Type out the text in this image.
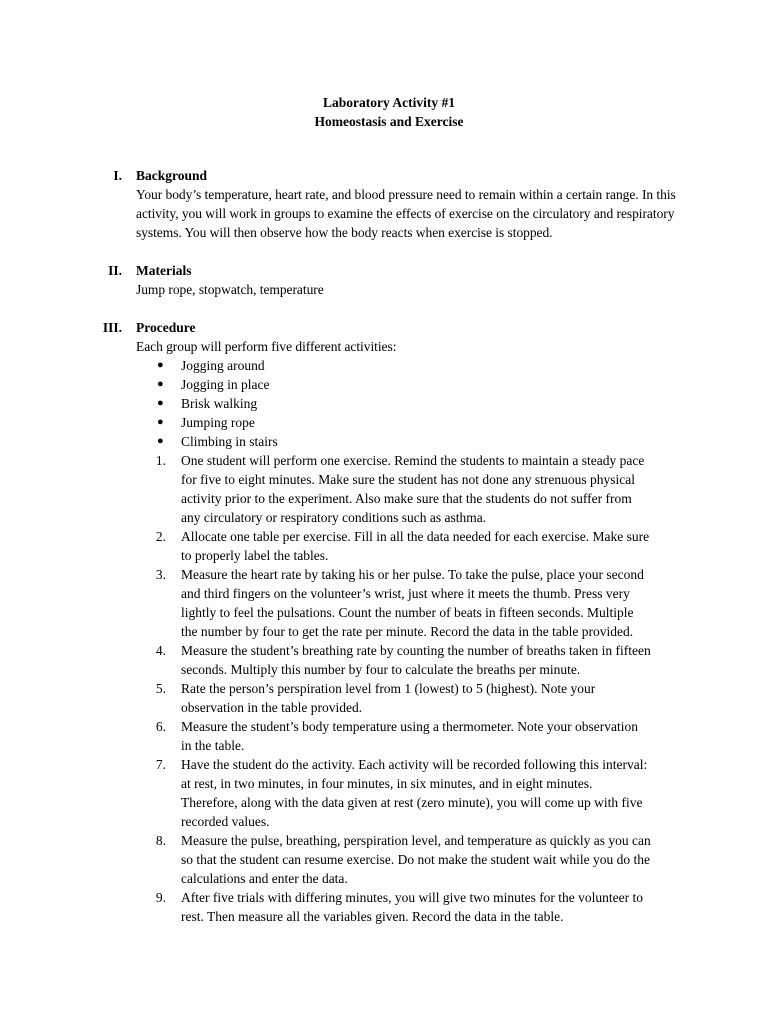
Laboratory Activity #1
Homeostasis and Exercise
I. Background
Your body’s temperature, heart rate, and blood pressure need to remain within a certain range. In this activity, you will work in groups to examine the effects of exercise on the circulatory and respiratory systems. You will then observe how the body reacts when exercise is stopped.
II. Materials
Jump rope, stopwatch, temperature
III. Procedure
Each group will perform five different activities:
● Jogging around
● Jogging in place
● Brisk walking
● Jumping rope
● Climbing in stairs
1. One student will perform one exercise. Remind the students to maintain a steady pace for five to eight minutes. Make sure the student has not done any strenuous physical activity prior to the experiment. Also make sure that the students do not suffer from any circulatory or respiratory conditions such as asthma.
2. Allocate one table per exercise. Fill in all the data needed for each exercise. Make sure to properly label the tables.
3. Measure the heart rate by taking his or her pulse. To take the pulse, place your second and third fingers on the volunteer’s wrist, just where it meets the thumb. Press very lightly to feel the pulsations. Count the number of beats in fifteen seconds. Multiple the number by four to get the rate per minute. Record the data in the table provided.
4. Measure the student’s breathing rate by counting the number of breaths taken in fifteen seconds. Multiply this number by four to calculate the breaths per minute.
5. Rate the person’s perspiration level from 1 (lowest) to 5 (highest). Note your observation in the table provided.
6. Measure the student’s body temperature using a thermometer. Note your observation in the table.
7. Have the student do the activity. Each activity will be recorded following this interval: at rest, in two minutes, in four minutes, in six minutes, and in eight minutes. Therefore, along with the data given at rest (zero minute), you will come up with five recorded values.
8. Measure the pulse, breathing, perspiration level, and temperature as quickly as you can so that the student can resume exercise. Do not make the student wait while you do the calculations and enter the data.
9. After five trials with differing minutes, you will give two minutes for the volunteer to rest. Then measure all the variables given. Record the data in the table.
